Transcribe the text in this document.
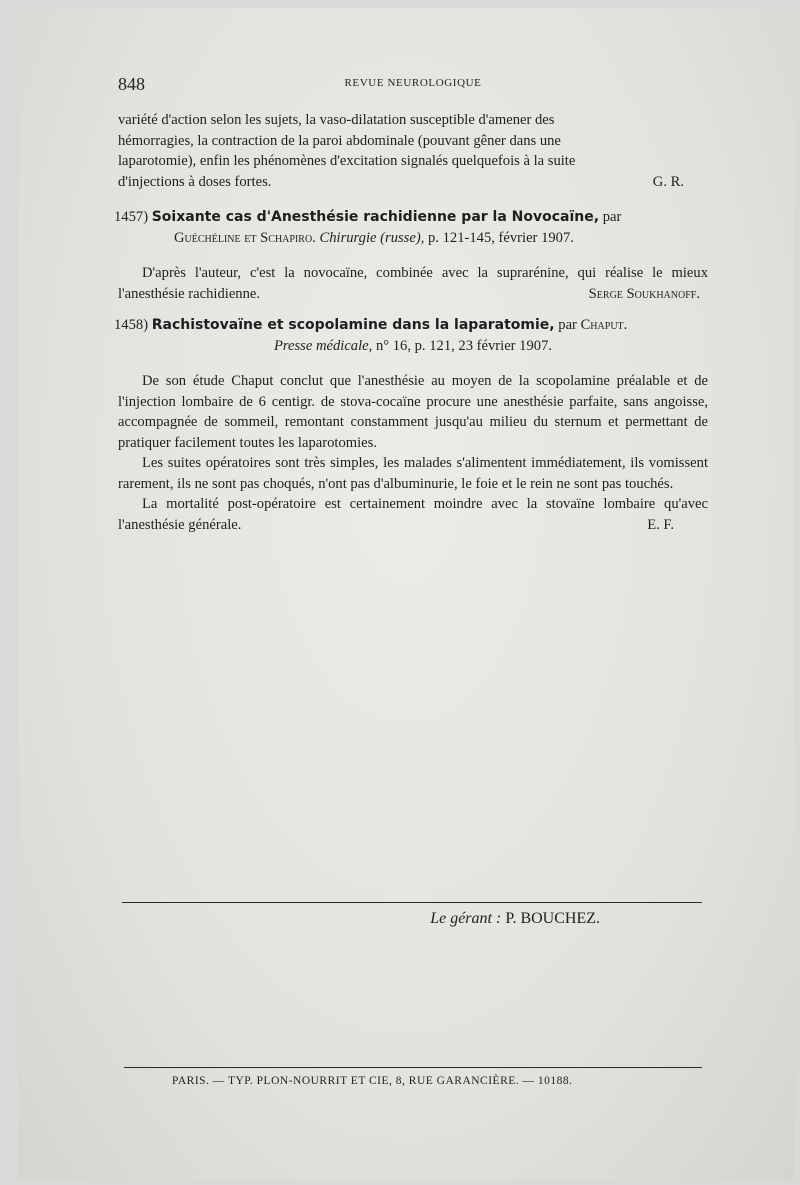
848	REVUE NEUROLOGIQUE

variété d'action selon les sujets, la vaso-dilatation susceptible d'amener des

hémorragies, la contraction de la paroi abdominale (pouvant gêner dans une

laparotomie), enfin les phénomènes d'excitation signalés quelquefois à la suite

d'injections à doses fortes.	G. R.

1457) Soixante cas d'Anesthésie rachidienne par la Novocaïne, par

Guéchéline et Schapiro. Chirurgie (russe), p. 121-145, février 1907.

D'après l'auteur, c'est la novocaïne, combinée avec la suprarénine, qui réalise le mieux l'anesthésie rachidienne.	Serge Soukhanoff.

1458) Rachistovaïne et scopolamine dans la laparatomie, par Chaput.

Presse médicale, n° 16, p. 121, 23 février 1907.

De son étude Chaput conclut que l'anesthésie au moyen de la scopolamine préalable et de l'injection lombaire de 6 centigr. de stova-cocaïne procure une anesthésie parfaite, sans angoisse, accompagnée de sommeil, remontant constamment jusqu'au milieu du sternum et permettant de pratiquer facilement toutes les laparotomies.

Les suites opératoires sont très simples, les malades s'alimentent immédiatement, ils vomissent rarement, ils ne sont pas choqués, n'ont pas d'albuminurie, le foie et le rein ne sont pas touchés.

La mortalité post-opératoire est certainement moindre avec la stovaïne lombaire qu'avec l'anesthésie générale.	E. F.

Le gérant : P. BOUCHEZ.
PARIS. — TYP. PLON-NOURRIT ET CIE, 8, RUE GARANCIÈRE. — 10188.
